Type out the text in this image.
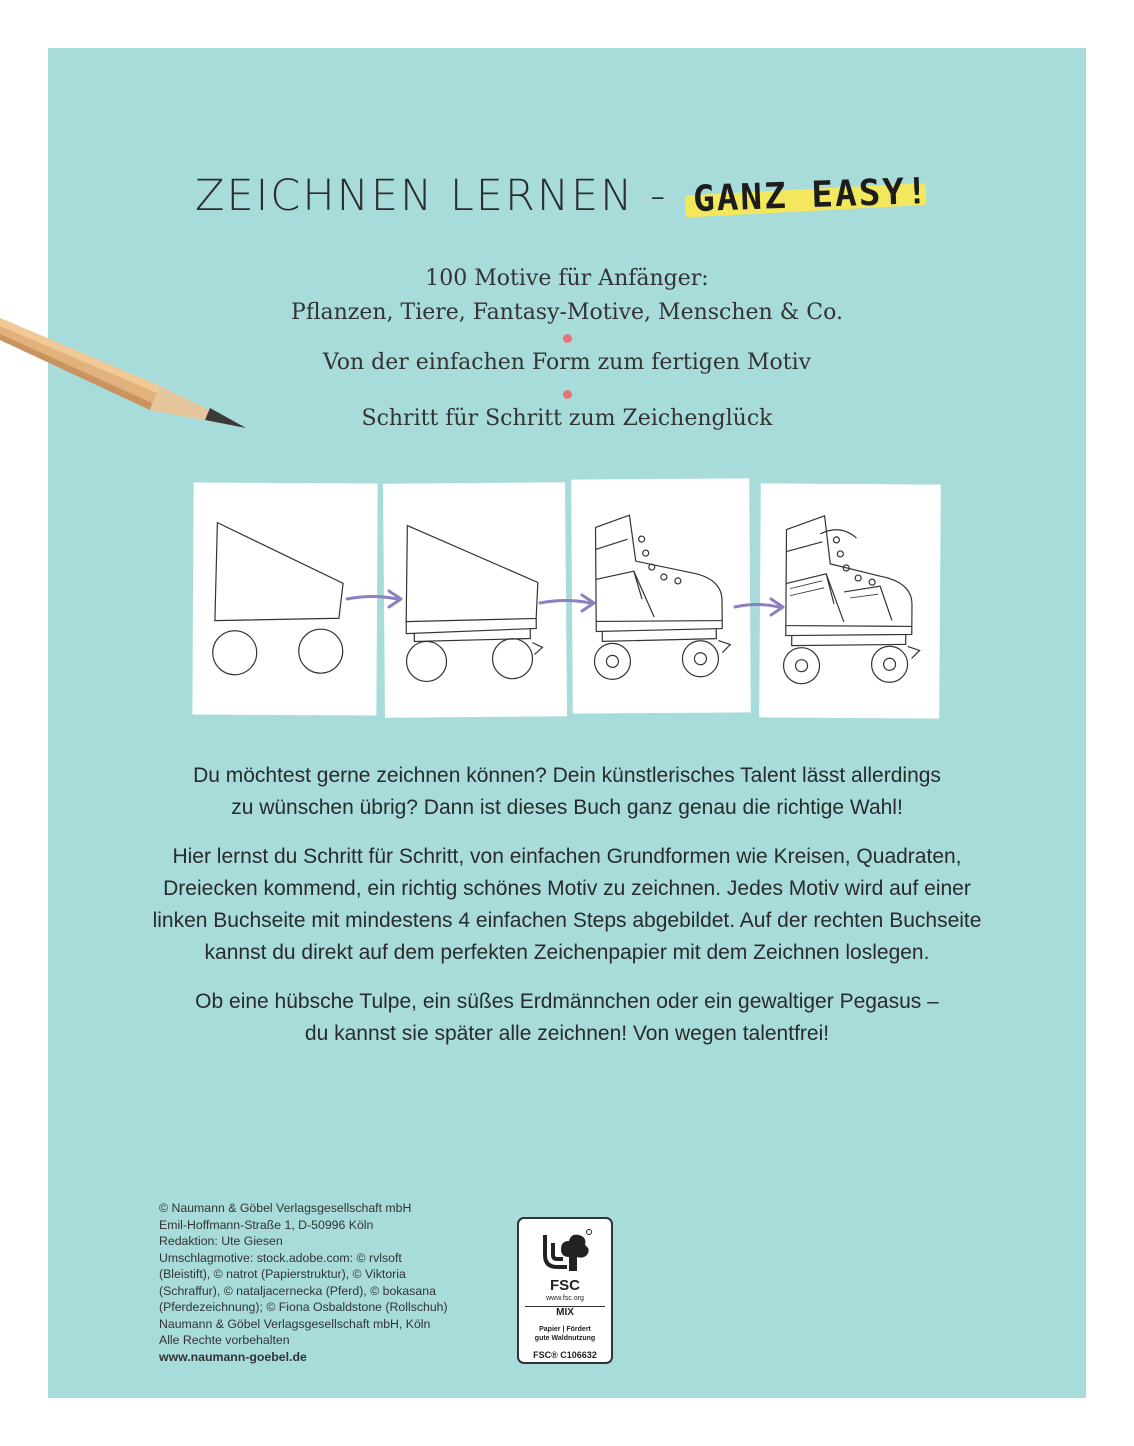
ZEICHNEN LERNEN - GANZ EASY!
100 Motive für Anfänger:
Pflanzen, Tiere, Fantasy-Motive, Menschen & Co.
Von der einfachen Form zum fertigen Motiv
Schritt für Schritt zum Zeichenglück
Du möchtest gerne zeichnen können? Dein künstlerisches Talent lässt allerdings
zu wünschen übrig? Dann ist dieses Buch ganz genau die richtige Wahl!
Hier lernst du Schritt für Schritt, von einfachen Grundformen wie Kreisen, Quadraten,
Dreiecken kommend, ein richtig schönes Motiv zu zeichnen. Jedes Motiv wird auf einer
linken Buchseite mit mindestens 4 einfachen Steps abgebildet. Auf der rechten Buchseite
kannst du direkt auf dem perfekten Zeichenpapier mit dem Zeichnen loslegen.
Ob eine hübsche Tulpe, ein süßes Erdmännchen oder ein gewaltiger Pegasus –
du kannst sie später alle zeichnen! Von wegen talentfrei!
© Naumann & Göbel Verlagsgesellschaft mbH
Emil-Hoffmann-Straße 1, D-50996 Köln
Redaktion: Ute Giesen
Umschlagmotive: stock.adobe.com: © rvlsoft
(Bleistift), © natrot (Papierstruktur), © Viktoria
(Schraffur), © nataljacernecka (Pferd), © bokasana
(Pferdezeichnung); © Fiona Osbaldstone (Rollschuh)
Naumann & Göbel Verlagsgesellschaft mbH, Köln
Alle Rechte vorbehalten
www.naumann-goebel.de
FSC
www.fsc.org
MIX
Papier | Fördert
gute Waldnutzung
FSC® C106632
